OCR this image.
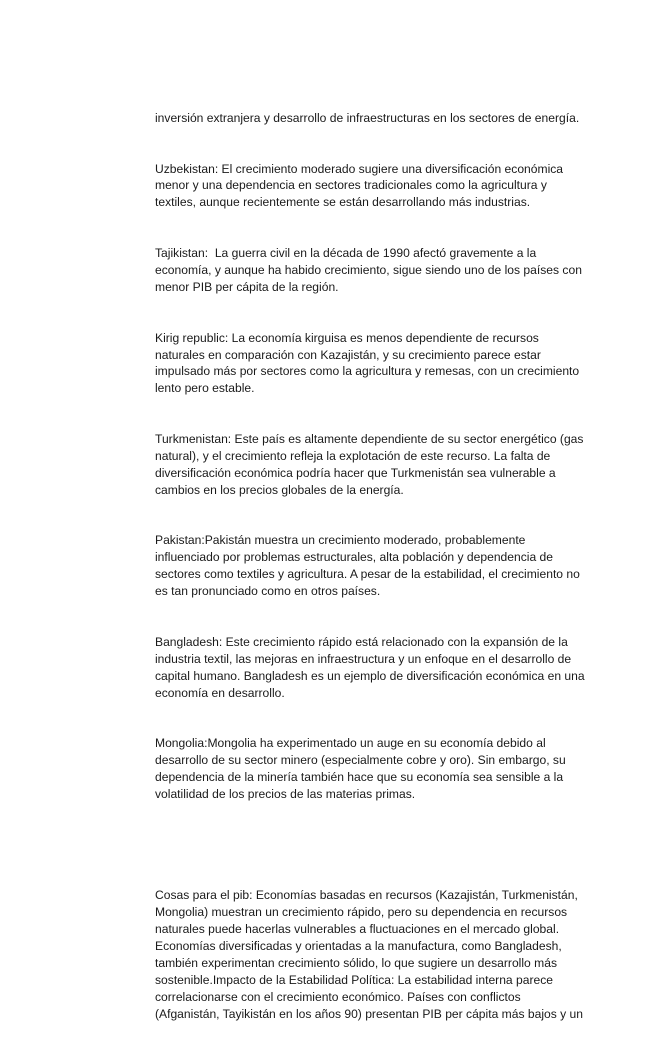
inversión extranjera y desarrollo de infraestructuras en los sectores de energía.

Uzbekistan: El crecimiento moderado sugiere una diversificación económica menor y una dependencia en sectores tradicionales como la agricultura y textiles, aunque recientemente se están desarrollando más industrias.

Tajikistan:  La guerra civil en la década de 1990 afectó gravemente a la economía, y aunque ha habido crecimiento, sigue siendo uno de los países con menor PIB per cápita de la región.

Kirig republic: La economía kirguisa es menos dependiente de recursos naturales en comparación con Kazajistán, y su crecimiento parece estar impulsado más por sectores como la agricultura y remesas, con un crecimiento lento pero estable.

Turkmenistan: Este país es altamente dependiente de su sector energético (gas natural), y el crecimiento refleja la explotación de este recurso. La falta de diversificación económica podría hacer que Turkmenistán sea vulnerable a cambios en los precios globales de la energía.

Pakistan:Pakistán muestra un crecimiento moderado, probablemente influenciado por problemas estructurales, alta población y dependencia de sectores como textiles y agricultura. A pesar de la estabilidad, el crecimiento no es tan pronunciado como en otros países.

Bangladesh: Este crecimiento rápido está relacionado con la expansión de la industria textil, las mejoras en infraestructura y un enfoque en el desarrollo de capital humano. Bangladesh es un ejemplo de diversificación económica en una economía en desarrollo.

Mongolia:Mongolia ha experimentado un auge en su economía debido al desarrollo de su sector minero (especialmente cobre y oro). Sin embargo, su dependencia de la minería también hace que su economía sea sensible a la volatilidad de los precios de las materias primas.

Cosas para el pib: Economías basadas en recursos (Kazajistán, Turkmenistán, Mongolia) muestran un crecimiento rápido, pero su dependencia en recursos naturales puede hacerlas vulnerables a fluctuaciones en el mercado global. Economías diversificadas y orientadas a la manufactura, como Bangladesh, también experimentan crecimiento sólido, lo que sugiere un desarrollo más sostenible.Impacto de la Estabilidad Política: La estabilidad interna parece correlacionarse con el crecimiento económico. Países con conflictos (Afganistán, Tayikistán en los años 90) presentan PIB per cápita más bajos y un
